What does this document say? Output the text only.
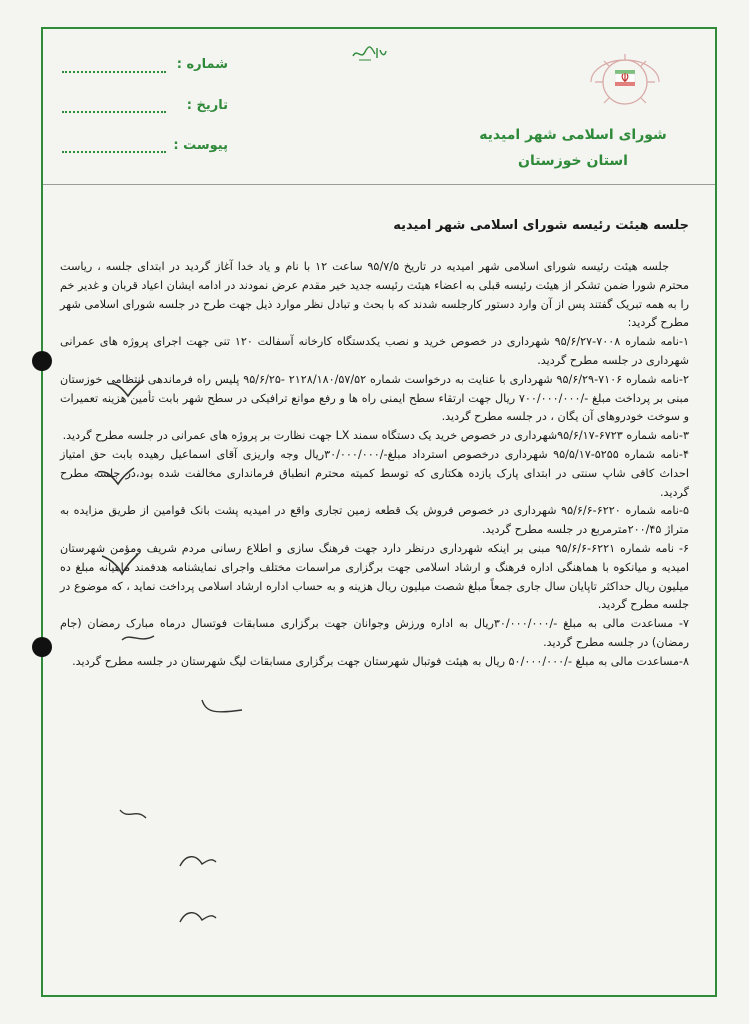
شماره :
تاریخ :
پیوست :
شورای اسلامی شهر امیدیه
استان خوزستان
جلسه هیئت رئیسه شورای اسلامی شهر امیدیه

جلسه هیئت رئیسه شورای اسلامی شهر امیدیه در تاریخ ۹۵/۷/۵ ساعت ۱۲ با نام و یاد خدا آغاز گردید در ابتدای جلسه ، ریاست محترم شورا ضمن تشکر از هیئت رئیسه قبلی به اعضاء هیئت رئیسه جدید خیر مقدم عرض نمودند در ادامه ایشان اعیاد قربان و غدیر خم را به همه تبریک گفتند پس از آن وارد دستور کارجلسه شدند که با بحث و تبادل نظر موارد ذیل جهت طرح در جلسه شورای اسلامی شهر مطرح گردید:

۱-نامه شماره ۷۰۰۸-۹۵/۶/۲۷ شهرداری در خصوص خرید و نصب یکدستگاه کارخانه آسفالت ۱۲۰ تنی جهت اجرای پروژه های عمرانی شهرداری در جلسه مطرح گردید.

۲-نامه شماره ۷۱۰۶-۹۵/۶/۲۹ شهرداری با عنایت به درخواست شماره ۲۱۲۸/۱۸۰/۵۷/۵۲ -۹۵/۶/۲۵ پلیس راه فرماندهی انتظامی خوزستان مبنی بر پرداخت مبلغ -/۷۰۰/۰۰۰/۰۰۰ ریال جهت ارتقاء سطح ایمنی راه ها و رفع موانع ترافیکی در سطح شهر بابت تأمین هزینه تعمیرات و سوخت خودروهای آن یگان ، در جلسه مطرح گردید.

۳-نامه شماره ۶۷۲۳-۹۵/۶/۱۷شهرداری در خصوص خرید یک دستگاه سمند LX جهت نظارت بر پروژه های عمرانی در جلسه مطرح گردید.

۴-نامه شماره ۵۲۵۵-۹۵/۵/۱۷ شهرداری درخصوص استرداد مبلغ-/۳۰/۰۰۰/۰۰۰ریال وجه واریزی آقای اسماعیل رهیده بابت حق امتیاز احداث کافی شاپ سنتی در ابتدای پارک یازده هکتاری که توسط کمیته محترم انطباق فرمانداری مخالفت شده بود،در جلسه مطرح گردید.

۵-نامه شماره ۶۲۲۰-۹۵/۶/۶ شهرداری در خصوص فروش یک قطعه زمین تجاری واقع در امیدیه پشت بانک قوامین از طریق مزایده به متراژ ۲۰۰/۴۵مترمربع در جلسه مطرح گردید.

۶- نامه شماره ۶۲۲۱-۹۵/۶/۶ مبنی بر اینکه شهرداری درنظر دارد جهت فرهنگ سازی و اطلاع رسانی مردم شریف ومؤمن شهرستان امیدیه و میانکوه با هماهنگی اداره فرهنگ و ارشاد اسلامی جهت برگزاری مراسمات مختلف واجرای نمایشنامه هدفمند ماهیانه مبلغ ده میلیون ریال حداکثر تاپایان سال جاری جمعاً مبلغ شصت میلیون ریال هزینه و به حساب اداره ارشاد اسلامی پرداخت نماید ، که موضوع در جلسه مطرح گردید.

۷- مساعدت مالی به مبلغ -/۳۰/۰۰۰/۰۰۰ریال به اداره ورزش وجوانان جهت برگزاری مسابقات فوتسال درماه مبارک رمضان (جام رمضان) در جلسه مطرح گردید.

۸-مساعدت مالی به مبلغ -/۵۰/۰۰۰/۰۰۰ ریال به هیئت فوتبال شهرستان جهت برگزاری مسابقات لیگ شهرستان در جلسه مطرح گردید.
